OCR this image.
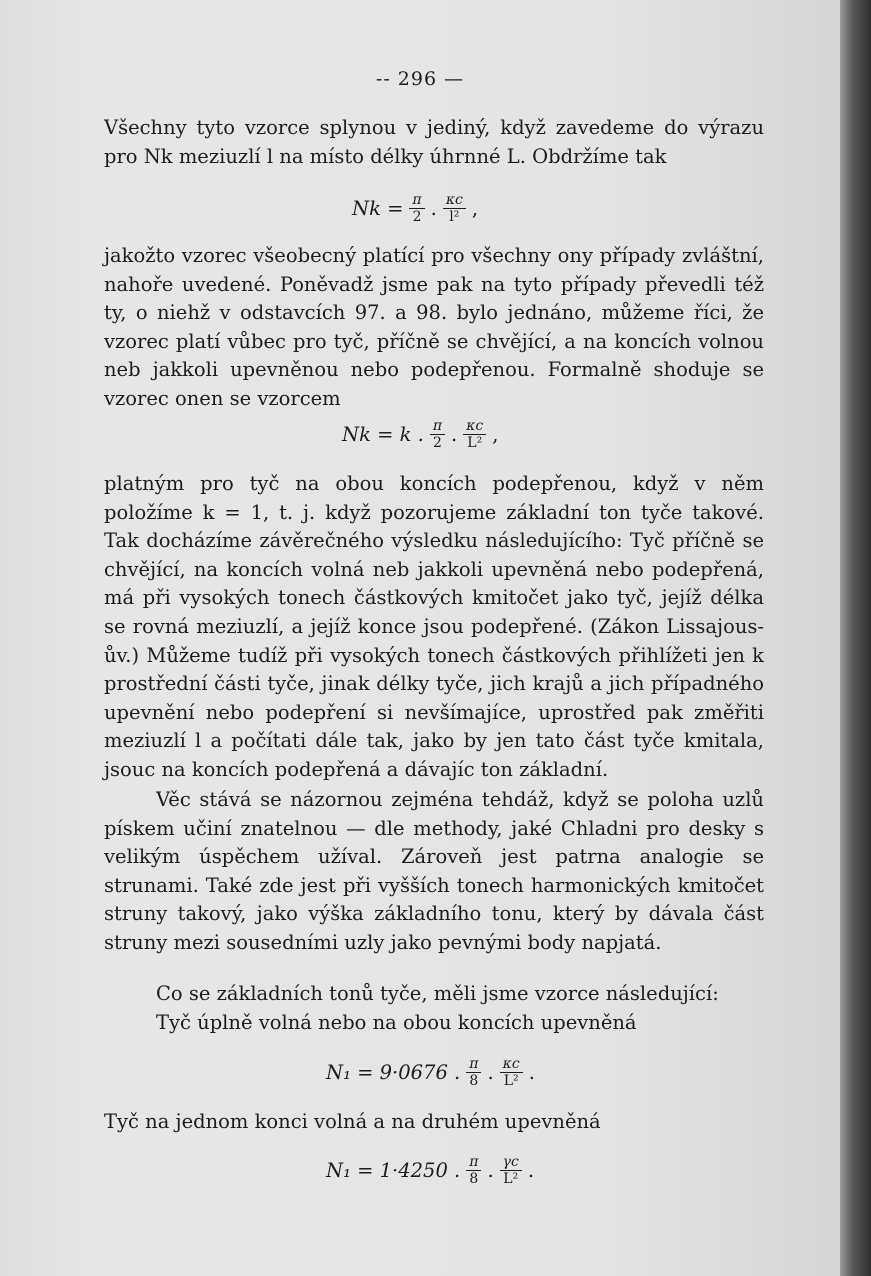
-- 296 —

Všechny tyto vzorce splynou v jediný, když zavedeme do výrazu pro Nk meziuzlí l na místo délky úhrnné L. Obdržíme tak

$Nk = \frac{\pi}{2}$ . $\frac{\kappa c}{\text{l²}}$ ,

jakožto vzorec všeobecný platící pro všechny ony případy zvláštní, nahoře uvedené. Poněvadž jsme pak na tyto případy převedli též ty, o niehž v odstavcích 97. a 98. bylo jednáno, můžeme říci, že vzorec platí vůbec pro tyč, příčně se chvějící, a na koncích volnou neb jakkoli upevněnou nebo podepřenou. Formalně shoduje se vzorec onen se vzorcem

Nk = k . $\frac{\pi}{2}$ . $\frac{\kappa c}{\text{L²}}$ ,

platným pro tyč na obou koncích podepřenou, když v něm položíme k = 1, t. j. když pozorujeme základní ton tyče takové. Tak docházíme závěrečného výsledku následujícího: Tyč příčně se chvějící, na koncích volná neb jakkoli upevněná nebo podepřená, má při vysokých tonech částkových kmitočet jako tyč, jejíž délka se rovná meziuzlí, a jejíž konce jsou podepřené. (Zákon Lissajous-ův.) Můžeme tudíž při vysokých tonech částkových přihlížeti jen k prostřední části tyče, jinak délky tyče, jich krajů a jich případného upevnění nebo podepření si nevšímajíce, uprostřed pak změřiti meziuzlí l a počítati dále tak, jako by jen tato část tyče kmitala, jsouc na koncích podepřená a dávajíc ton základní.

Věc stává se názornou zejména tehdáž, když se poloha uzlů pískem učiní znatelnou — dle methody, jaké Chladni pro desky s velikým úspěchem užíval. Zároveň jest patrna analogie se strunami. Také zde jest při vyšších tonech harmonických kmitočet struny takový, jako výška základního tonu, který by dávala část struny mezi sousedními uzly jako pevnými body napjatá.

Co se základních tonů tyče, měli jsme vzorce následující:

Tyč úplně volná nebo na obou koncích upevněná

N₁ = 9·0676 . $\frac{\pi}{8}$ . $\frac{\kappa c}{\text{L²}}$ .

Tyč na jednom konci volná a na druhém upevněná

N₁ = 1·4250 . $\frac{\pi}{8}$ . $\frac{\gamma c}{\text{L²}}$ .
